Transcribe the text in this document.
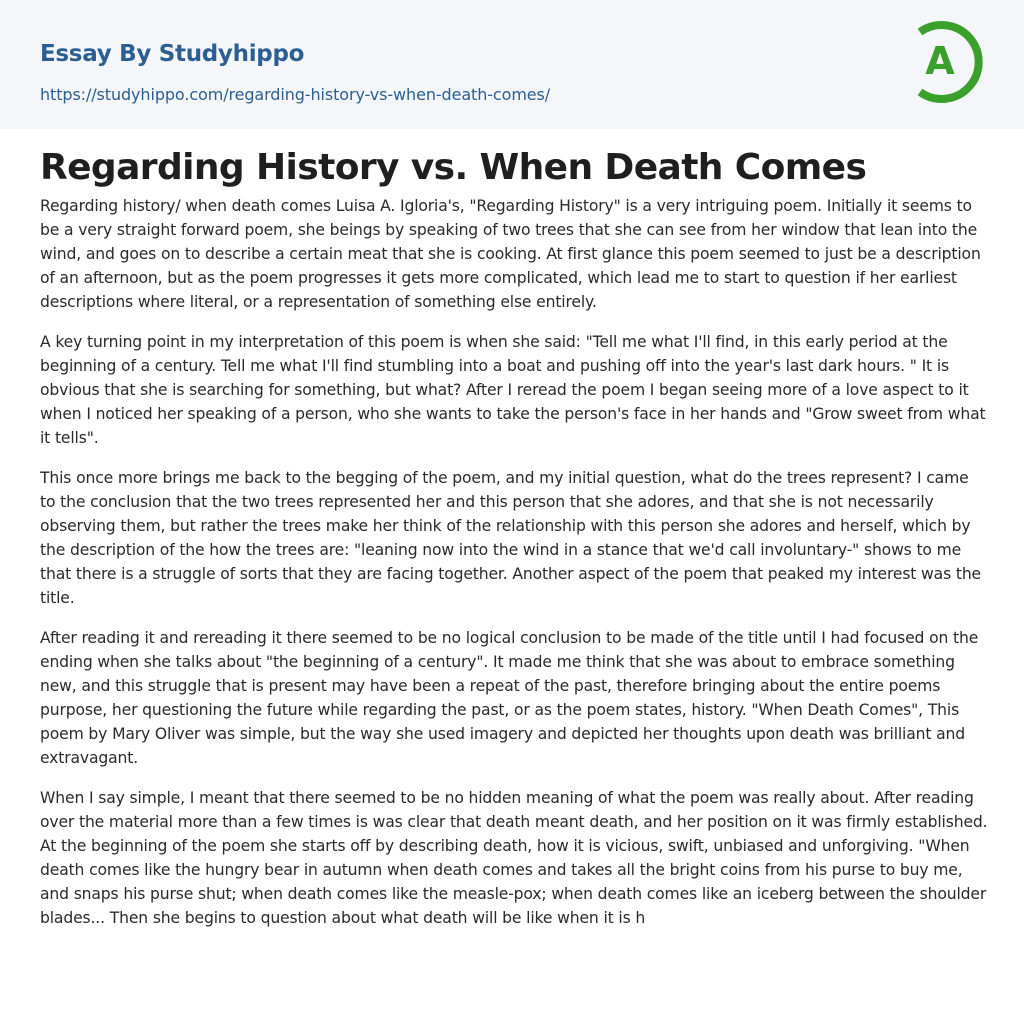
Essay By Studyhippo
https://studyhippo.com/regarding-history-vs-when-death-comes/
A
Regarding History vs. When Death Comes

Regarding history/ when death comes Luisa A. Igloria's, "Regarding History" is a very intriguing poem. Initially it seems to be a very straight forward poem, she beings by speaking of two trees that she can see from her window that lean into the wind, and goes on to describe a certain meat that she is cooking. At first glance this poem seemed to just be a description of an afternoon, but as the poem progresses it gets more complicated, which lead me to start to question if her earliest descriptions where literal, or a representation of something else entirely.

A key turning point in my interpretation of this poem is when she said: "Tell me what I'll find, in this early period at the beginning of a century. Tell me what I'll find stumbling into a boat and pushing off into the year's last dark hours. " It is obvious that she is searching for something, but what? After I reread the poem I began seeing more of a love aspect to it when I noticed her speaking of a person, who she wants to take the person's face in her hands and "Grow sweet from what it tells".

This once more brings me back to the begging of the poem, and my initial question, what do the trees represent? I came to the conclusion that the two trees represented her and this person that she adores, and that she is not necessarily observing them, but rather the trees make her think of the relationship with this person she adores and herself, which by the description of the how the trees are: "leaning now into the wind in a stance that we'd call involuntary-" shows to me that there is a struggle of sorts that they are facing together. Another aspect of the poem that peaked my interest was the title.

After reading it and rereading it there seemed to be no logical conclusion to be made of the title until I had focused on the ending when she talks about "the beginning of a century". It made me think that she was about to embrace something new, and this struggle that is present may have been a repeat of the past, therefore bringing about the entire poems purpose, her questioning the future while regarding the past, or as the poem states, history. "When Death Comes", This poem by Mary Oliver was simple, but the way she used imagery and depicted her thoughts upon death was brilliant and extravagant.

When I say simple, I meant that there seemed to be no hidden meaning of what the poem was really about. After reading over the material more than a few times is was clear that death meant death, and her position on it was firmly established. At the beginning of the poem she starts off by describing death, how it is vicious, swift, unbiased and unforgiving. "When death comes like the hungry bear in autumn when death comes and takes all the bright coins from his purse to buy me, and snaps his purse shut; when death comes like the measle-pox; when death comes like an iceberg between the shoulder blades... Then she begins to question about what death will be like when it is h
